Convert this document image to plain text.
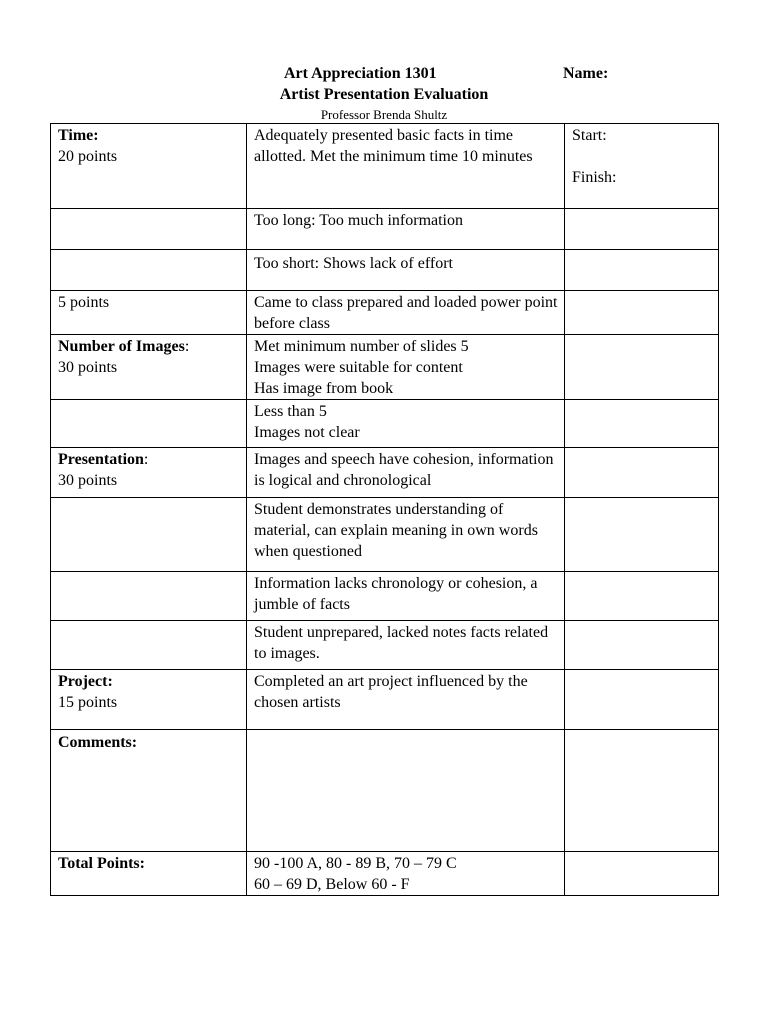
Art Appreciation 1301	Name:
Artist Presentation Evaluation
Professor Brenda Shultz
Time:
20 points	Adequately presented basic facts in time allotted. Met the minimum time 10 minutes	Start:
Finish:

	Too long: Too much information	
	Too short: Shows lack of effort	

5 points	Came to class prepared and loaded power point before class	

Number of Images:
30 points	Met minimum number of slides 5
Images were suitable for content
Has image from book	

	Less than 5
Images not clear	

Presentation:
30 points	Images and speech have cohesion, information is logical and chronological	
	Student demonstrates understanding of material, can explain meaning in own words when questioned	
	Information lacks chronology or cohesion, a jumble of facts	
	Student unprepared, lacked notes facts related to images.	

Project:
15 points	Completed an art project influenced by the chosen artists	

Comments:		

Total Points:	90 -100 A, 80 - 89 B, 70 – 79 C
60 – 69 D, Below 60 - F	
